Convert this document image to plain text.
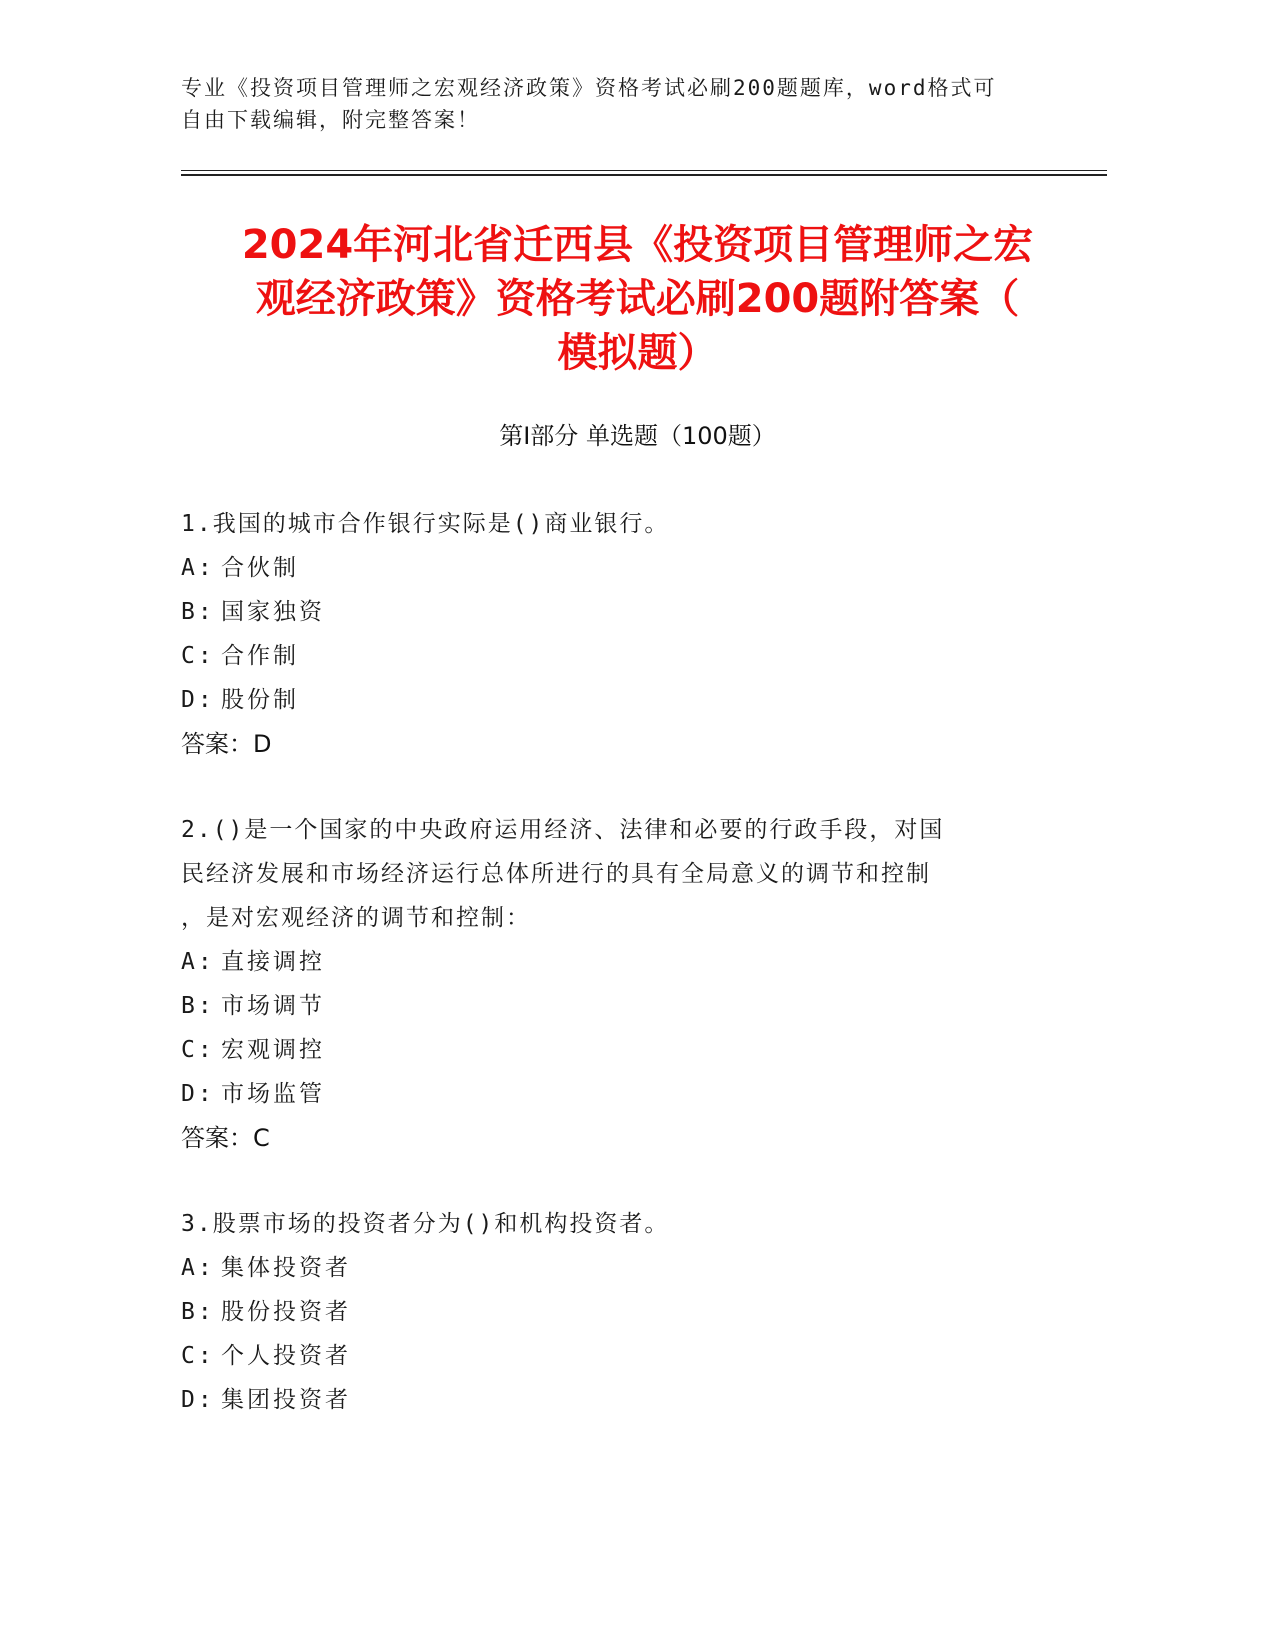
专业《投资项目管理师之宏观经济政策》资格考试必刷200题题库，word格式可
自由下载编辑，附完整答案！
2024年河北省迁西县《投资项目管理师之宏
观经济政策》资格考试必刷200题附答案（
模拟题）
第I部分 单选题（100题）
1.我国的城市合作银行实际是()商业银行。
A: 合伙制
B: 国家独资
C: 合作制
D: 股份制
答案：D
2.()是一个国家的中央政府运用经济、法律和必要的行政手段，对国
民经济发展和市场经济运行总体所进行的具有全局意义的调节和控制
，是对宏观经济的调节和控制：
A: 直接调控
B: 市场调节
C: 宏观调控
D: 市场监管
答案：C
3.股票市场的投资者分为()和机构投资者。
A: 集体投资者
B: 股份投资者
C: 个人投资者
D: 集团投资者
